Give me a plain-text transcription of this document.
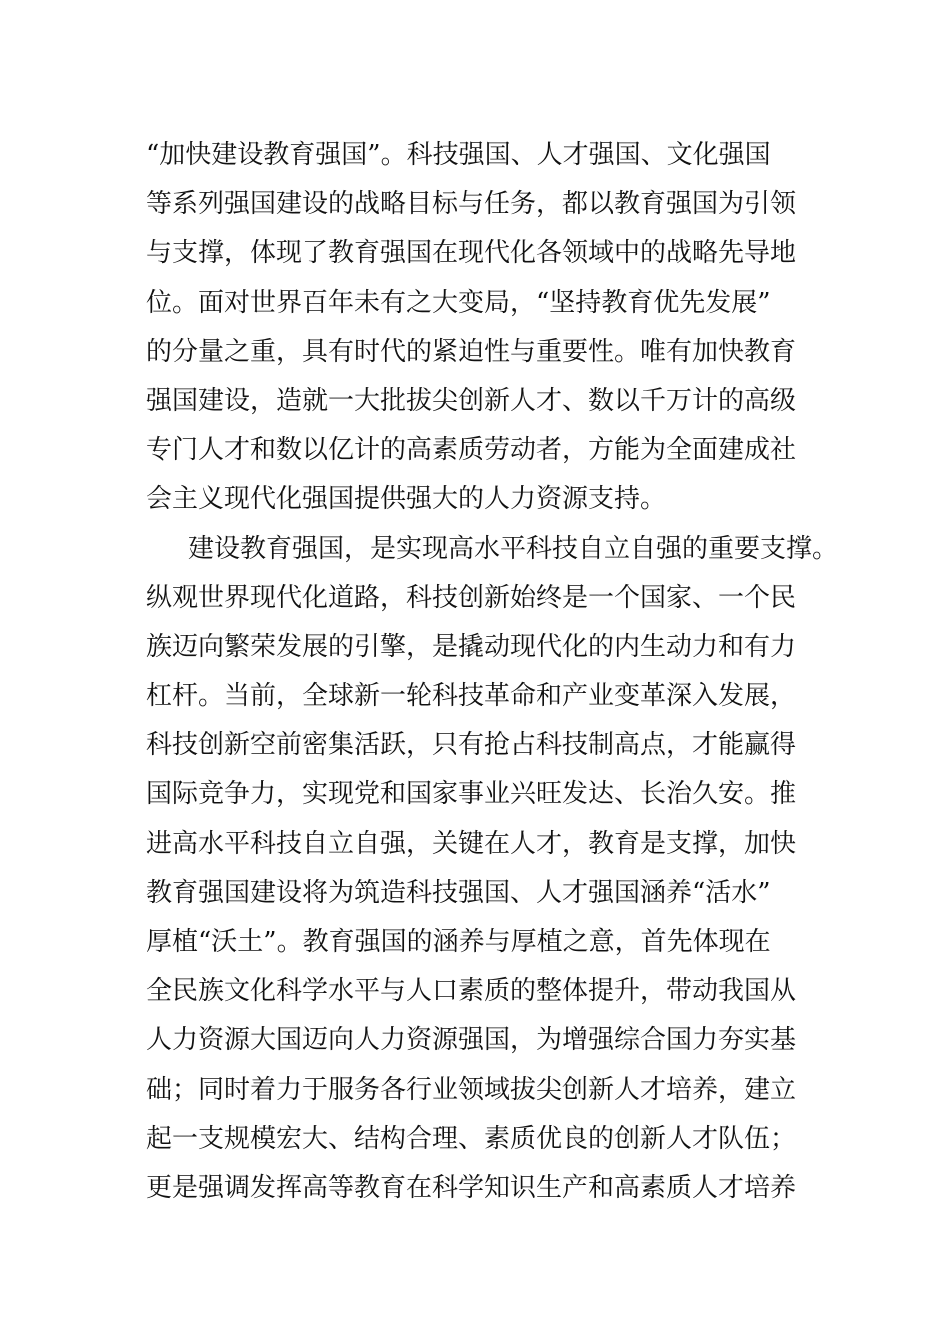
“加快建设教育强国”。科技强国、人才强国、文化强国
等系列强国建设的战略目标与任务，都以教育强国为引领
与支撑，体现了教育强国在现代化各领域中的战略先导地
位。面对世界百年未有之大变局，“坚持教育优先发展”
的分量之重，具有时代的紧迫性与重要性。唯有加快教育
强国建设，造就一大批拔尖创新人才、数以千万计的高级
专门人才和数以亿计的高素质劳动者，方能为全面建成社
会主义现代化强国提供强大的人力资源支持。
建设教育强国，是实现高水平科技自立自强的重要支撑。
纵观世界现代化道路，科技创新始终是一个国家、一个民
族迈向繁荣发展的引擎，是撬动现代化的内生动力和有力
杠杆。当前，全球新一轮科技革命和产业变革深入发展，
科技创新空前密集活跃，只有抢占科技制高点，才能赢得
国际竞争力，实现党和国家事业兴旺发达、长治久安。推
进高水平科技自立自强，关键在人才，教育是支撑，加快
教育强国建设将为筑造科技强国、人才强国涵养“活水”
厚植“沃土”。教育强国的涵养与厚植之意，首先体现在
全民族文化科学水平与人口素质的整体提升，带动我国从
人力资源大国迈向人力资源强国，为增强综合国力夯实基
础；同时着力于服务各行业领域拔尖创新人才培养，建立
起一支规模宏大、结构合理、素质优良的创新人才队伍；
更是强调发挥高等教育在科学知识生产和高素质人才培养
